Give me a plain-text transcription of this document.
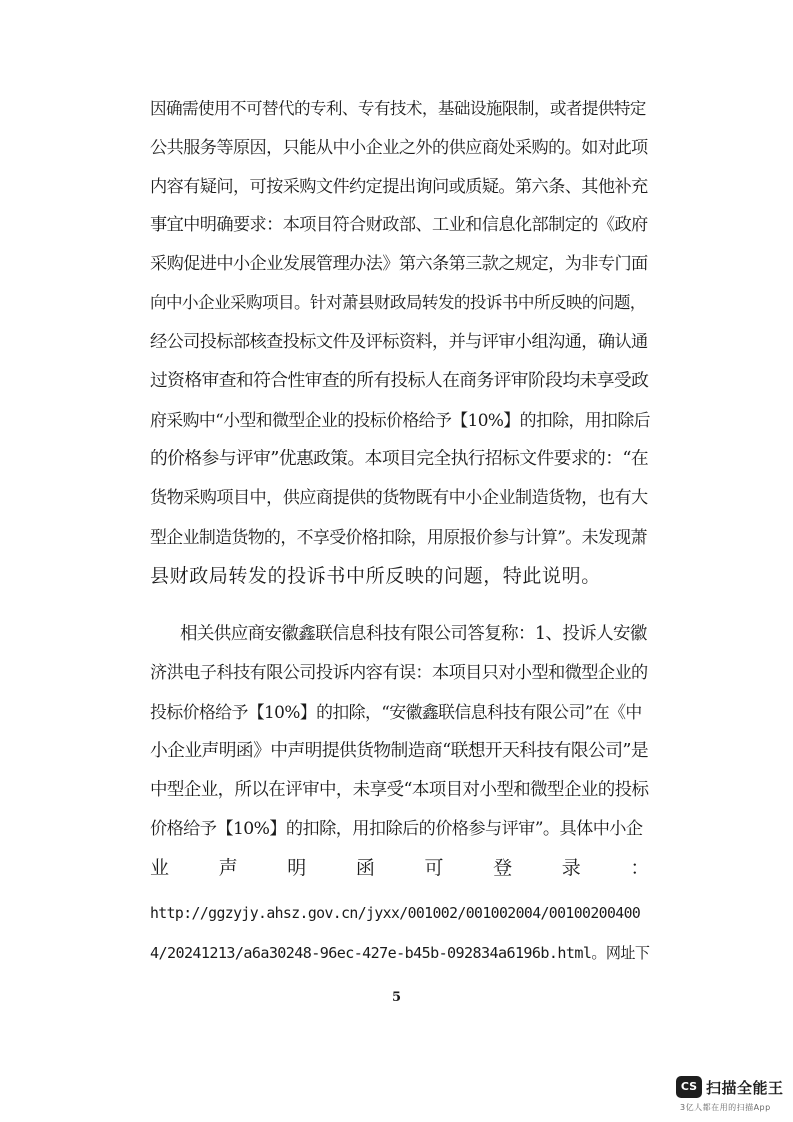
因确需使用不可替代的专利、专有技术，基础设施限制，或者提供特定
公共服务等原因，只能从中小企业之外的供应商处采购的。如对此项
内容有疑问，可按采购文件约定提出询问或质疑。第六条、其他补充
事宜中明确要求：本项目符合财政部、工业和信息化部制定的《政府
采购促进中小企业发展管理办法》第六条第三款之规定，为非专门面
向中小企业采购项目。针对萧县财政局转发的投诉书中所反映的问题，
经公司投标部核查投标文件及评标资料，并与评审小组沟通，确认通
过资格审查和符合性审查的所有投标人在商务评审阶段均未享受政
府采购中“小型和微型企业的投标价格给予【10%】的扣除，用扣除后
的价格参与评审”优惠政策。本项目完全执行招标文件要求的：“在
货物采购项目中，供应商提供的货物既有中小企业制造货物，也有大
型企业制造货物的，不享受价格扣除，用原报价参与计算”。未发现萧
县财政局转发的投诉书中所反映的问题，特此说明。
相关供应商安徽鑫联信息科技有限公司答复称：1、投诉人安徽
济洪电子科技有限公司投诉内容有误：本项目只对小型和微型企业的
投标价格给予【10%】的扣除，“安徽鑫联信息科技有限公司”在《中
小企业声明函》中声明提供货物制造商“联想开天科技有限公司”是
中型企业，所以在评审中，未享受“本项目对小型和微型企业的投标
价格给予【10%】的扣除，用扣除后的价格参与评审”。具体中小企
业	声	明	函	可	登	录	：
http://ggzyjy.ahsz.gov.cn/jyxx/001002/001002004/00100200400
4/20241213/a6a30248-96ec-427e-b45b-092834a6196b.html。网址下
5
CS 扫描全能王
3亿人都在用的扫描App
